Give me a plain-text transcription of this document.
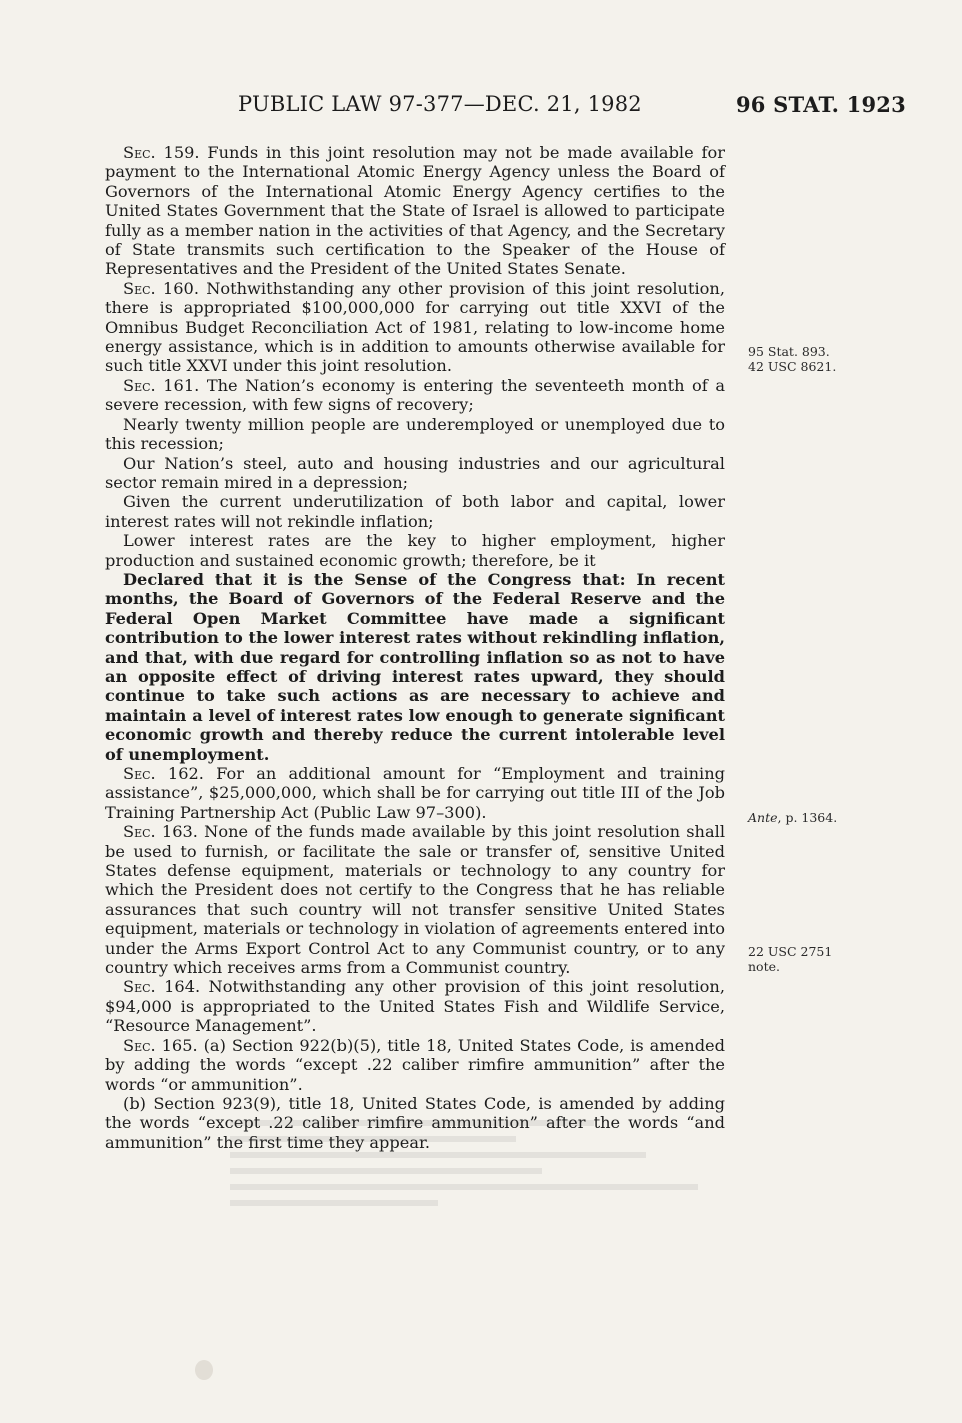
PUBLIC LAW 97-377—DEC. 21, 1982	96 STAT. 1923

Sec. 159. Funds in this joint resolution may not be made available for payment to the International Atomic Energy Agency unless the Board of Governors of the International Atomic Energy Agency certifies to the United States Government that the State of Israel is allowed to participate fully as a member nation in the activities of that Agency, and the Secretary of State transmits such certification to the Speaker of the House of Representatives and the President of the United States Senate.

Sec. 160. Nothwithstanding any other provision of this joint resolution, there is appropriated $100,000,000 for carrying out title XXVI of the Omnibus Budget Reconciliation Act of 1981, relating to low-income home energy assistance, which is in addition to amounts otherwise available for such title XXVI under this joint resolution.

Sec. 161. The Nation’s economy is entering the seventeeth month of a severe recession, with few signs of recovery;

Nearly twenty million people are underemployed or unemployed due to this recession;

Our Nation’s steel, auto and housing industries and our agricultural sector remain mired in a depression;

Given the current underutilization of both labor and capital, lower interest rates will not rekindle inflation;

Lower interest rates are the key to higher employment, higher production and sustained economic growth; therefore, be it

Declared that it is the Sense of the Congress that: In recent months, the Board of Governors of the Federal Reserve and the Federal Open Market Committee have made a significant contribution to the lower interest rates without rekindling inflation, and that, with due regard for controlling inflation so as not to have an opposite effect of driving interest rates upward, they should continue to take such actions as are necessary to achieve and maintain a level of interest rates low enough to generate significant economic growth and thereby reduce the current intolerable level of unemployment.

Sec. 162. For an additional amount for “Employment and training assistance”, $25,000,000, which shall be for carrying out title III of the Job Training Partnership Act (Public Law 97–300).

Sec. 163. None of the funds made available by this joint resolution shall be used to furnish, or facilitate the sale or transfer of, sensitive United States defense equipment, materials or technology to any country for which the President does not certify to the Congress that he has reliable assurances that such country will not transfer sensitive United States equipment, materials or technology in violation of agreements entered into under the Arms Export Control Act to any Communist country, or to any country which receives arms from a Communist country.

Sec. 164. Notwithstanding any other provision of this joint resolution, $94,000 is appropriated to the United States Fish and Wildlife Service, “Resource Management”.

Sec. 165. (a) Section 922(b)(5), title 18, United States Code, is amended by adding the words “except .22 caliber rimfire ammunition” after the words “or ammunition”.

(b) Section 923(9), title 18, United States Code, is amended by adding the words “except .22 caliber rimfire ammunition” after the words “and ammunition” the first time they appear.

95 Stat. 893.
42 USC 8621.
Ante, p. 1364.
22 USC 2751
note.
